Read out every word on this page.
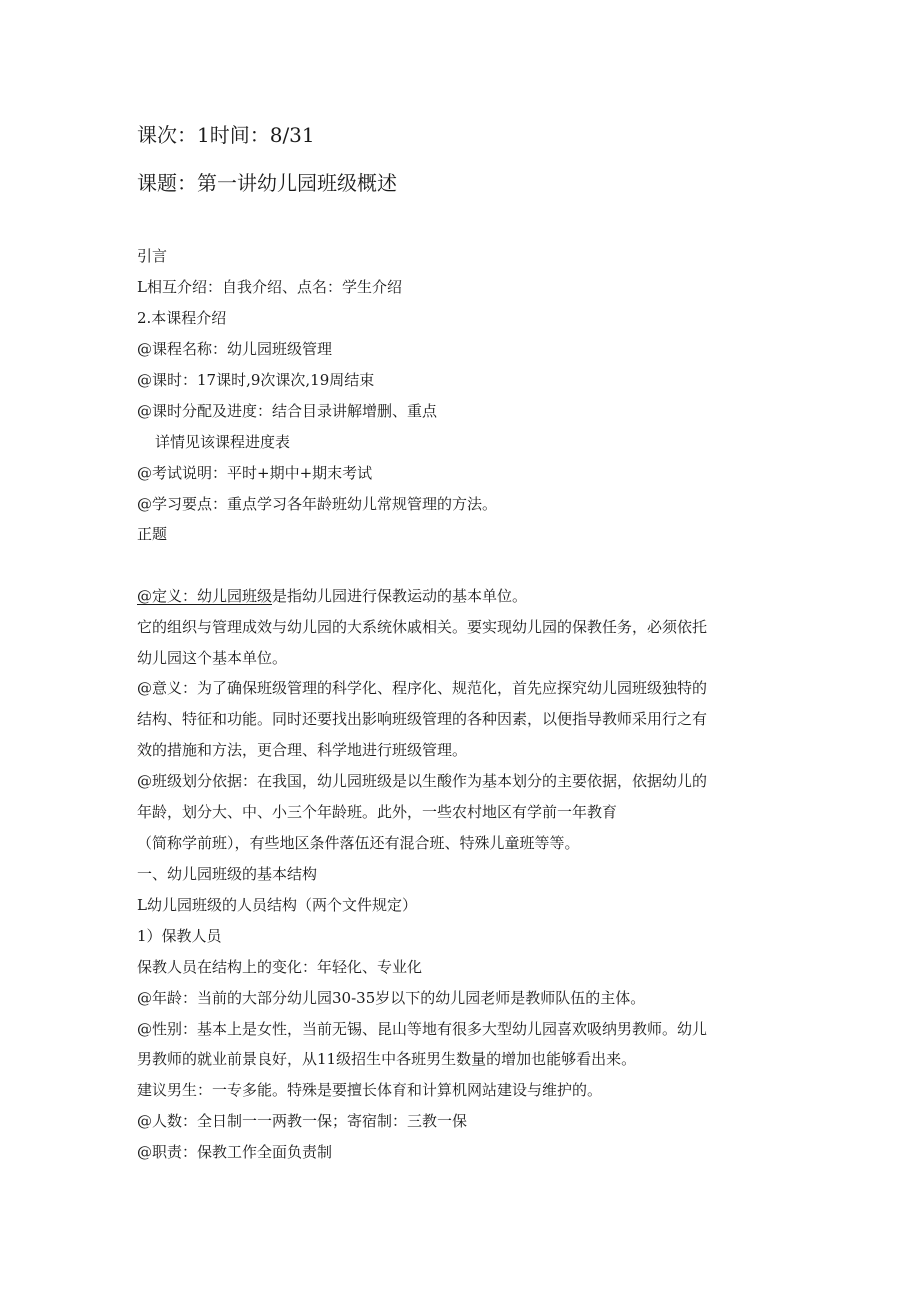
课次：1时间：8/31
课题：第一讲幼儿园班级概述
引言
L相互介绍：自我介绍、点名：学生介绍
2.本课程介绍
@课程名称：幼儿园班级管理
@课时：17课时,9次课次,19周结束
@课时分配及进度：结合目录讲解增删、重点
详情见该课程进度表
@考试说明：平时+期中+期末考试
@学习要点：重点学习各年龄班幼儿常规管理的方法。
正题
@定义：幼儿园班级是指幼儿园进行保教运动的基本单位。
它的组织与管理成效与幼儿园的大系统休戚相关。要实现幼儿园的保教任务，必须依托
幼儿园这个基本单位。
@意义：为了确保班级管理的科学化、程序化、规范化，首先应探究幼儿园班级独特的
结构、特征和功能。同时还要找出影响班级管理的各种因素，以便指导教师采用行之有
效的措施和方法，更合理、科学地进行班级管理。
@班级划分依据：在我国，幼儿园班级是以生酸作为基本划分的主要依据，依据幼儿的
年龄，划分大、中、小三个年龄班。此外，一些农村地区有学前一年教育
（简称学前班），有些地区条件落伍还有混合班、特殊儿童班等等。
一、幼儿园班级的基本结构
L幼儿园班级的人员结构（两个文件规定）
1）保教人员
保教人员在结构上的变化：年轻化、专业化
@年龄：当前的大部分幼儿园30-35岁以下的幼儿园老师是教师队伍的主体。
@性别：基本上是女性，当前无锡、昆山等地有很多大型幼儿园喜欢吸纳男教师。幼儿
男教师的就业前景良好，从11级招生中各班男生数量的增加也能够看出来。
建议男生：一专多能。特殊是要擅长体育和计算机网站建设与维护的。
@人数：全日制一一两教一保；寄宿制：三教一保
@职责：保教工作全面负责制
